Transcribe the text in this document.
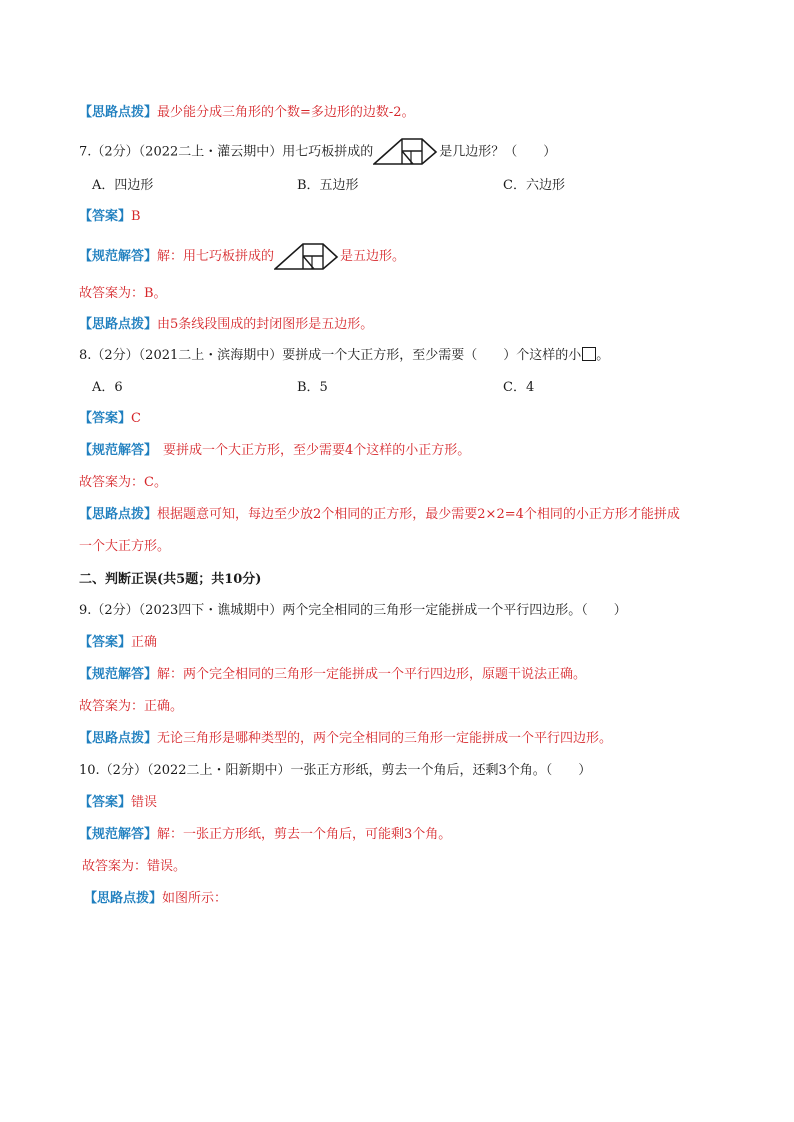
【思路点拨】最少能分成三角形的个数=多边形的边数-2。
7.（2分）（2022二上・灌云期中）用七巧板拼成的	是几边形？（　　）
A．四边形	B．五边形	C．六边形
【答案】B
【规范解答】解：用七巧板拼成的	是五边形。
故答案为：B。
【思路点拨】由5条线段围成的封闭图形是五边形。
8.（2分）（2021二上・滨海期中）要拼成一个大正方形，至少需要（　　）个这样的小 。
A．6	B．5	C．4
【答案】C
【规范解答】 要拼成一个大正方形，至少需要4个这样的小正方形。
故答案为：C。
【思路点拨】根据题意可知，每边至少放2个相同的正方形，最少需要2×2=4个相同的小正方形才能拼成
一个大正方形。
二、判断正误(共5题；共10分)
9.（2分）（2023四下・谯城期中）两个完全相同的三角形一定能拼成一个平行四边形。（　　）
【答案】正确
【规范解答】解：两个完全相同的三角形一定能拼成一个平行四边形，原题干说法正确。
故答案为：正确。
【思路点拨】无论三角形是哪种类型的，两个完全相同的三角形一定能拼成一个平行四边形。
10.（2分）（2022二上・阳新期中）一张正方形纸，剪去一个角后，还剩3个角。（　　）
【答案】错误
【规范解答】解：一张正方形纸，剪去一个角后，可能剩3个角。
故答案为：错误。
【思路点拨】如图所示：
